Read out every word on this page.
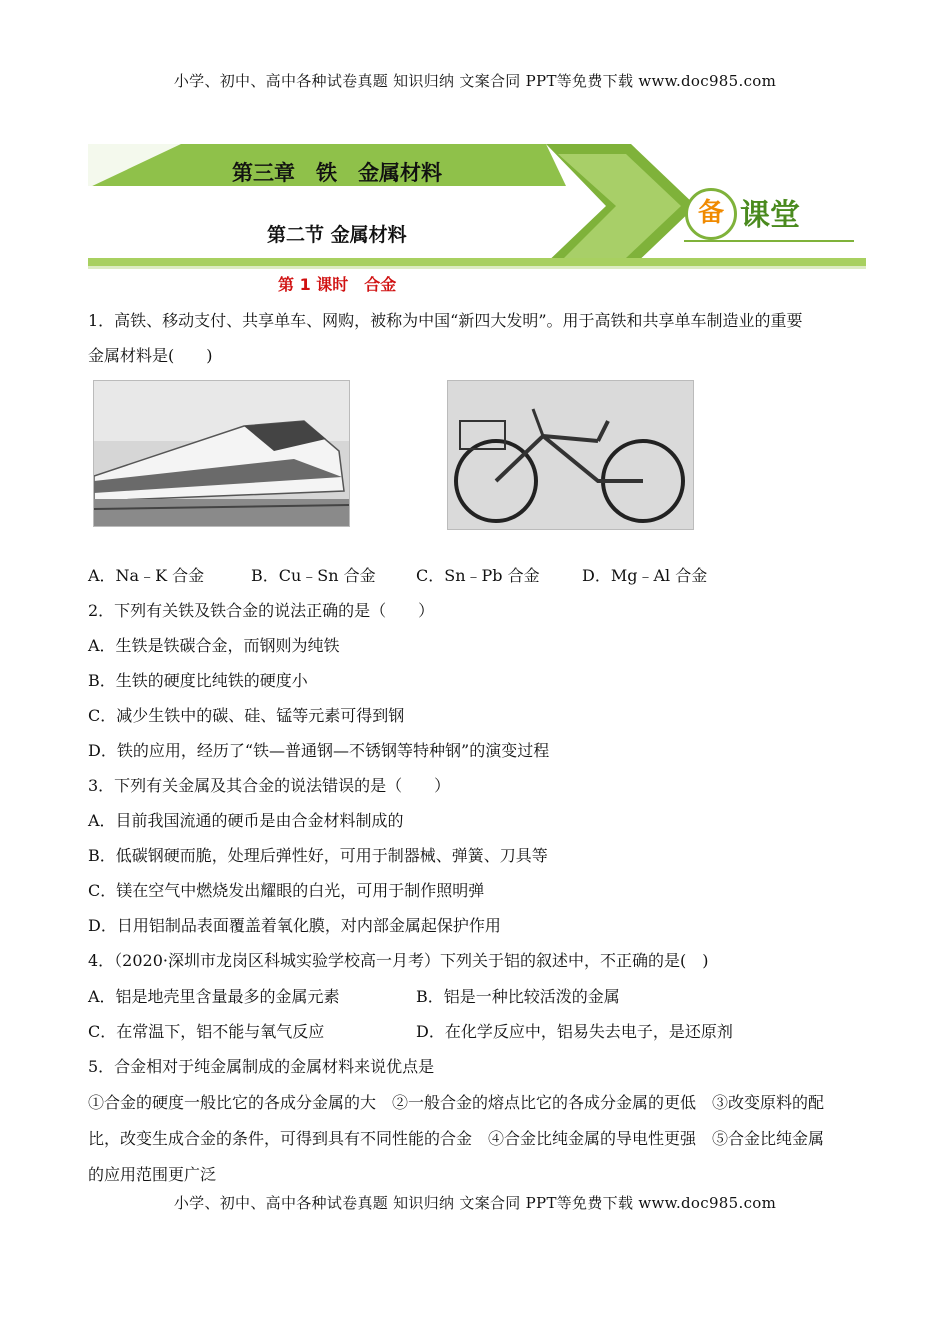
小学、初中、高中各种试卷真题 知识归纳 文案合同 PPT等免费下载 www.doc985.com
第三章　铁　金属材料
第二节 金属材料
备 课堂
第 1 课时　合金
1．高铁、移动支付、共享单车、网购，被称为中国“新四大发明”。用于高铁和共享单车制造业的重要
金属材料是(　　)
A．Na﹣K 合金	B．Cu﹣Sn 合金	C．Sn﹣Pb 合金	D．Mg﹣Al 合金
2．下列有关铁及铁合金的说法正确的是（　　）
A．生铁是铁碳合金，而钢则为纯铁
B．生铁的硬度比纯铁的硬度小
C．减少生铁中的碳、硅、锰等元素可得到钢
D．铁的应用，经历了“铁—普通钢—不锈钢等特种钢”的演变过程
3．下列有关金属及其合金的说法错误的是（　　）
A．目前我国流通的硬币是由合金材料制成的
B．低碳钢硬而脆，处理后弹性好，可用于制器械、弹簧、刀具等
C．镁在空气中燃烧发出耀眼的白光，可用于制作照明弹
D．日用铝制品表面覆盖着氧化膜，对内部金属起保护作用
4．（2020·深圳市龙岗区科城实验学校高一月考）下列关于铝的叙述中，不正确的是(　)
A．铝是地壳里含量最多的金属元素	B．铝是一种比较活泼的金属
C．在常温下，铝不能与氧气反应	D．在化学反应中，铝易失去电子，是还原剂
5．合金相对于纯金属制成的金属材料来说优点是
①合金的硬度一般比它的各成分金属的大　②一般合金的熔点比它的各成分金属的更低　③改变原料的配
比，改变生成合金的条件，可得到具有不同性能的合金　④合金比纯金属的导电性更强　⑤合金比纯金属
的应用范围更广泛
小学、初中、高中各种试卷真题 知识归纳 文案合同 PPT等免费下载 www.doc985.com
